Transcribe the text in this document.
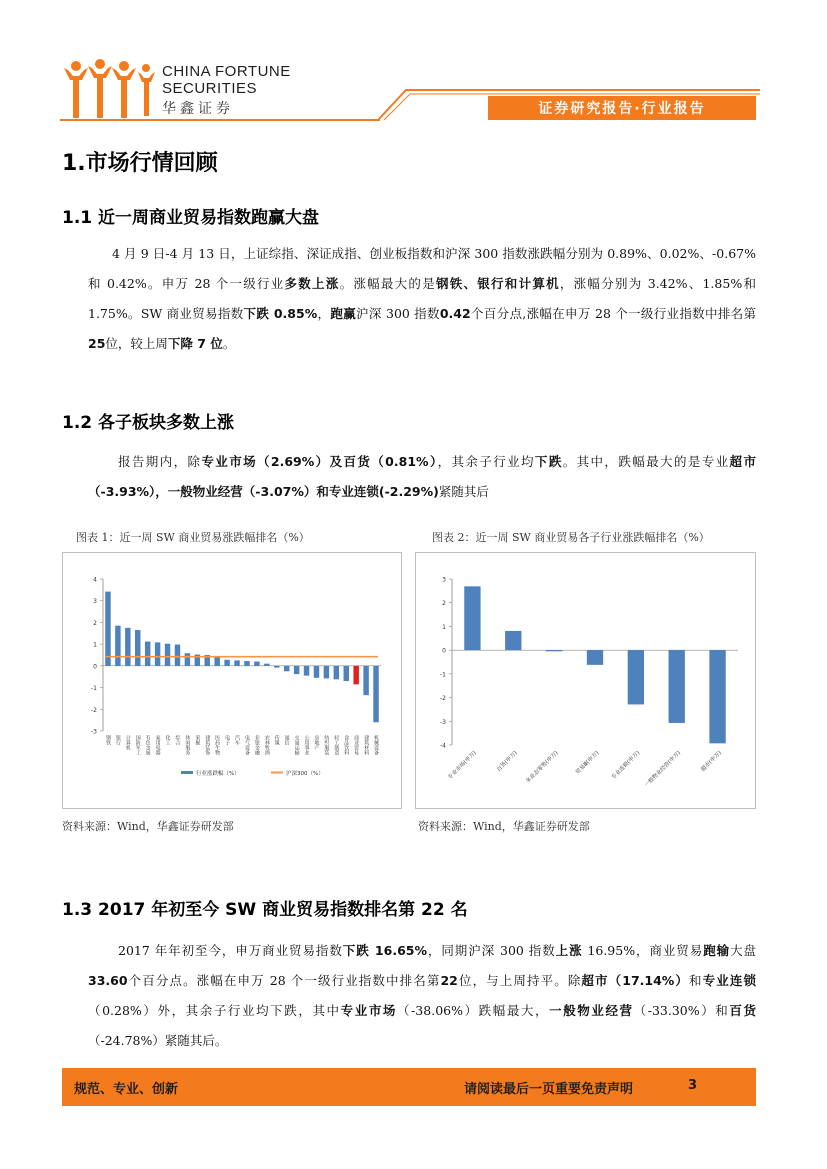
CHINA FORTUNE
SECURITIES
华鑫证券	证券研究报告·行业报告
1.市场行情回顾
1.1 近一周商业贸易指数跑赢大盘

4 月 9 日-4 月 13 日，上证综指、深证成指、创业板指数和沪深 300 指数涨跌幅分别为 0.89%、0.02%、-0.67%和 0.42%。申万 28 个一级行业多数上涨。涨幅最大的是钢铁、银行和计算机，涨幅分别为 3.42%、1.85%和 1.75%。SW 商业贸易指数下跌 0.85%，跑赢沪深 300 指数0.42个百分点,涨幅在申万 28 个一级行业指数中排名第25位，较上周下降 7 位。

1.2 各子板块多数上涨

报告期内，除专业市场（2.69%）及百货（0.81%），其余子行业均下跌。其中，跌幅最大的是专业超市（-3.93%），一般物业经营（-3.07%）和专业连锁(-2.29%)紧随其后

图表 1：近一周 SW 商业贸易涨跌幅排名（%）	图表 2：近一周 SW 商业贸易各子行业涨跌幅排名（%）
-3
-2
-1
0
1
2
3
4
钢铁 银行 计算机 国防军工 有色金属 家用电器 化工 综合 休闲服务 采掘 建筑装饰 医药生物 电子 汽车 电气设备 非银金融 农林牧渔 传媒 通信 交通运输 公用事业 房地产 纺织服装 轻工制造 食品饮料 商业贸易 建筑材料 机械设备
行业涨跌幅（%）	沪深300（%）
-4
-3
-2
-1
0
1
2
3
专业市场(申万)	百货(申万) 多业态零售(申万)	贸易Ⅲ(申万) 专业连锁(申万) 一般物业经营(申万)	超市(申万)
资料来源：Wind，华鑫证券研发部	资料来源：Wind，华鑫证券研发部
1.3 2017 年初至今 SW 商业贸易指数排名第 22 名

2017 年年初至今，申万商业贸易指数下跌 16.65%，同期沪深 300 指数上涨 16.95%，商业贸易跑输大盘33.60个百分点。涨幅在申万 28 个一级行业指数中排名第22位，与上周持平。除超市（17.14%）和专业连锁（0.28%）外，其余子行业均下跌，其中专业市场（-38.06%）跌幅最大，一般物业经营（-33.30%）和百货（-24.78%）紧随其后。

规范、专业、创新	请阅读最后一页重要免责声明	3
